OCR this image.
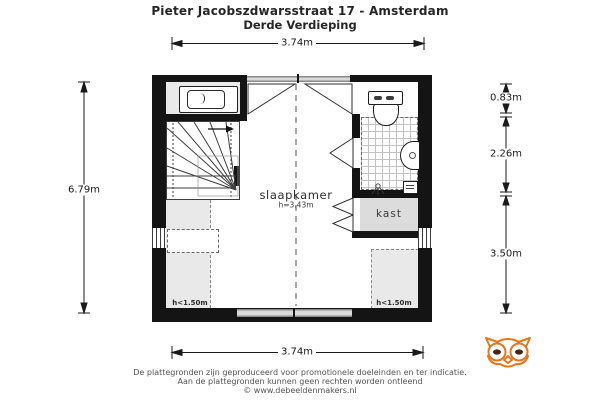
Pieter Jacobszdwarsstraat 17 - Amsterdam
Derde Verdieping
slaapkamer
h=3.43m
kast
h<1.50m	h<1.50m
3.74m
3.74m
6.79m
0.83m
2.26m
3.50m
De plattegronden zijn geproduceerd voor promotionele doeleinden en ter indicatie.
Aan de plattegronden kunnen geen rechten worden ontleend
© www.debeeldenmakers.nl
